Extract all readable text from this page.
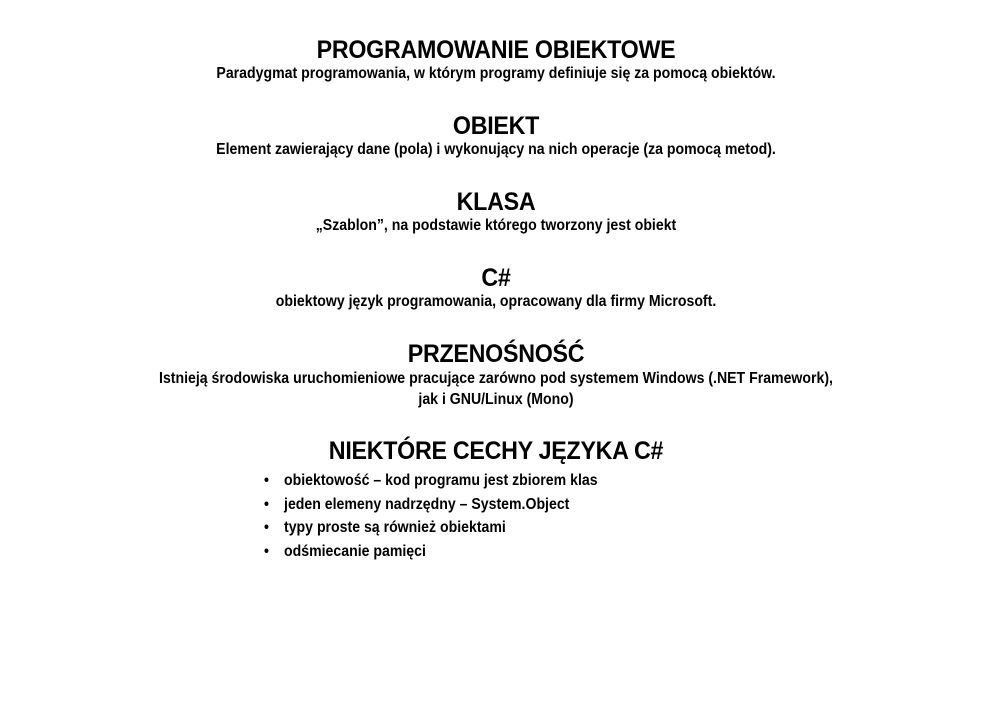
PROGRAMOWANIE OBIEKTOWE
Paradygmat programowania, w którym programy definiuje się za pomocą obiektów.
OBIEKT
Element zawierający dane (pola) i wykonujący na nich operacje (za pomocą metod).
KLASA
„Szablon”, na podstawie którego tworzony jest obiekt
C#
obiektowy język programowania, opracowany dla firmy Microsoft.
PRZENOŚNOŚĆ
Istnieją środowiska uruchomieniowe pracujące zarówno pod systemem Windows (.NET Framework),
jak i GNU/Linux (Mono)
NIEKTÓRE CECHY JĘZYKA C#
• obiektowość – kod programu jest zbiorem klas
• jeden elemeny nadrzędny – System.Object
• typy proste są również obiektami
• odśmiecanie pamięci
